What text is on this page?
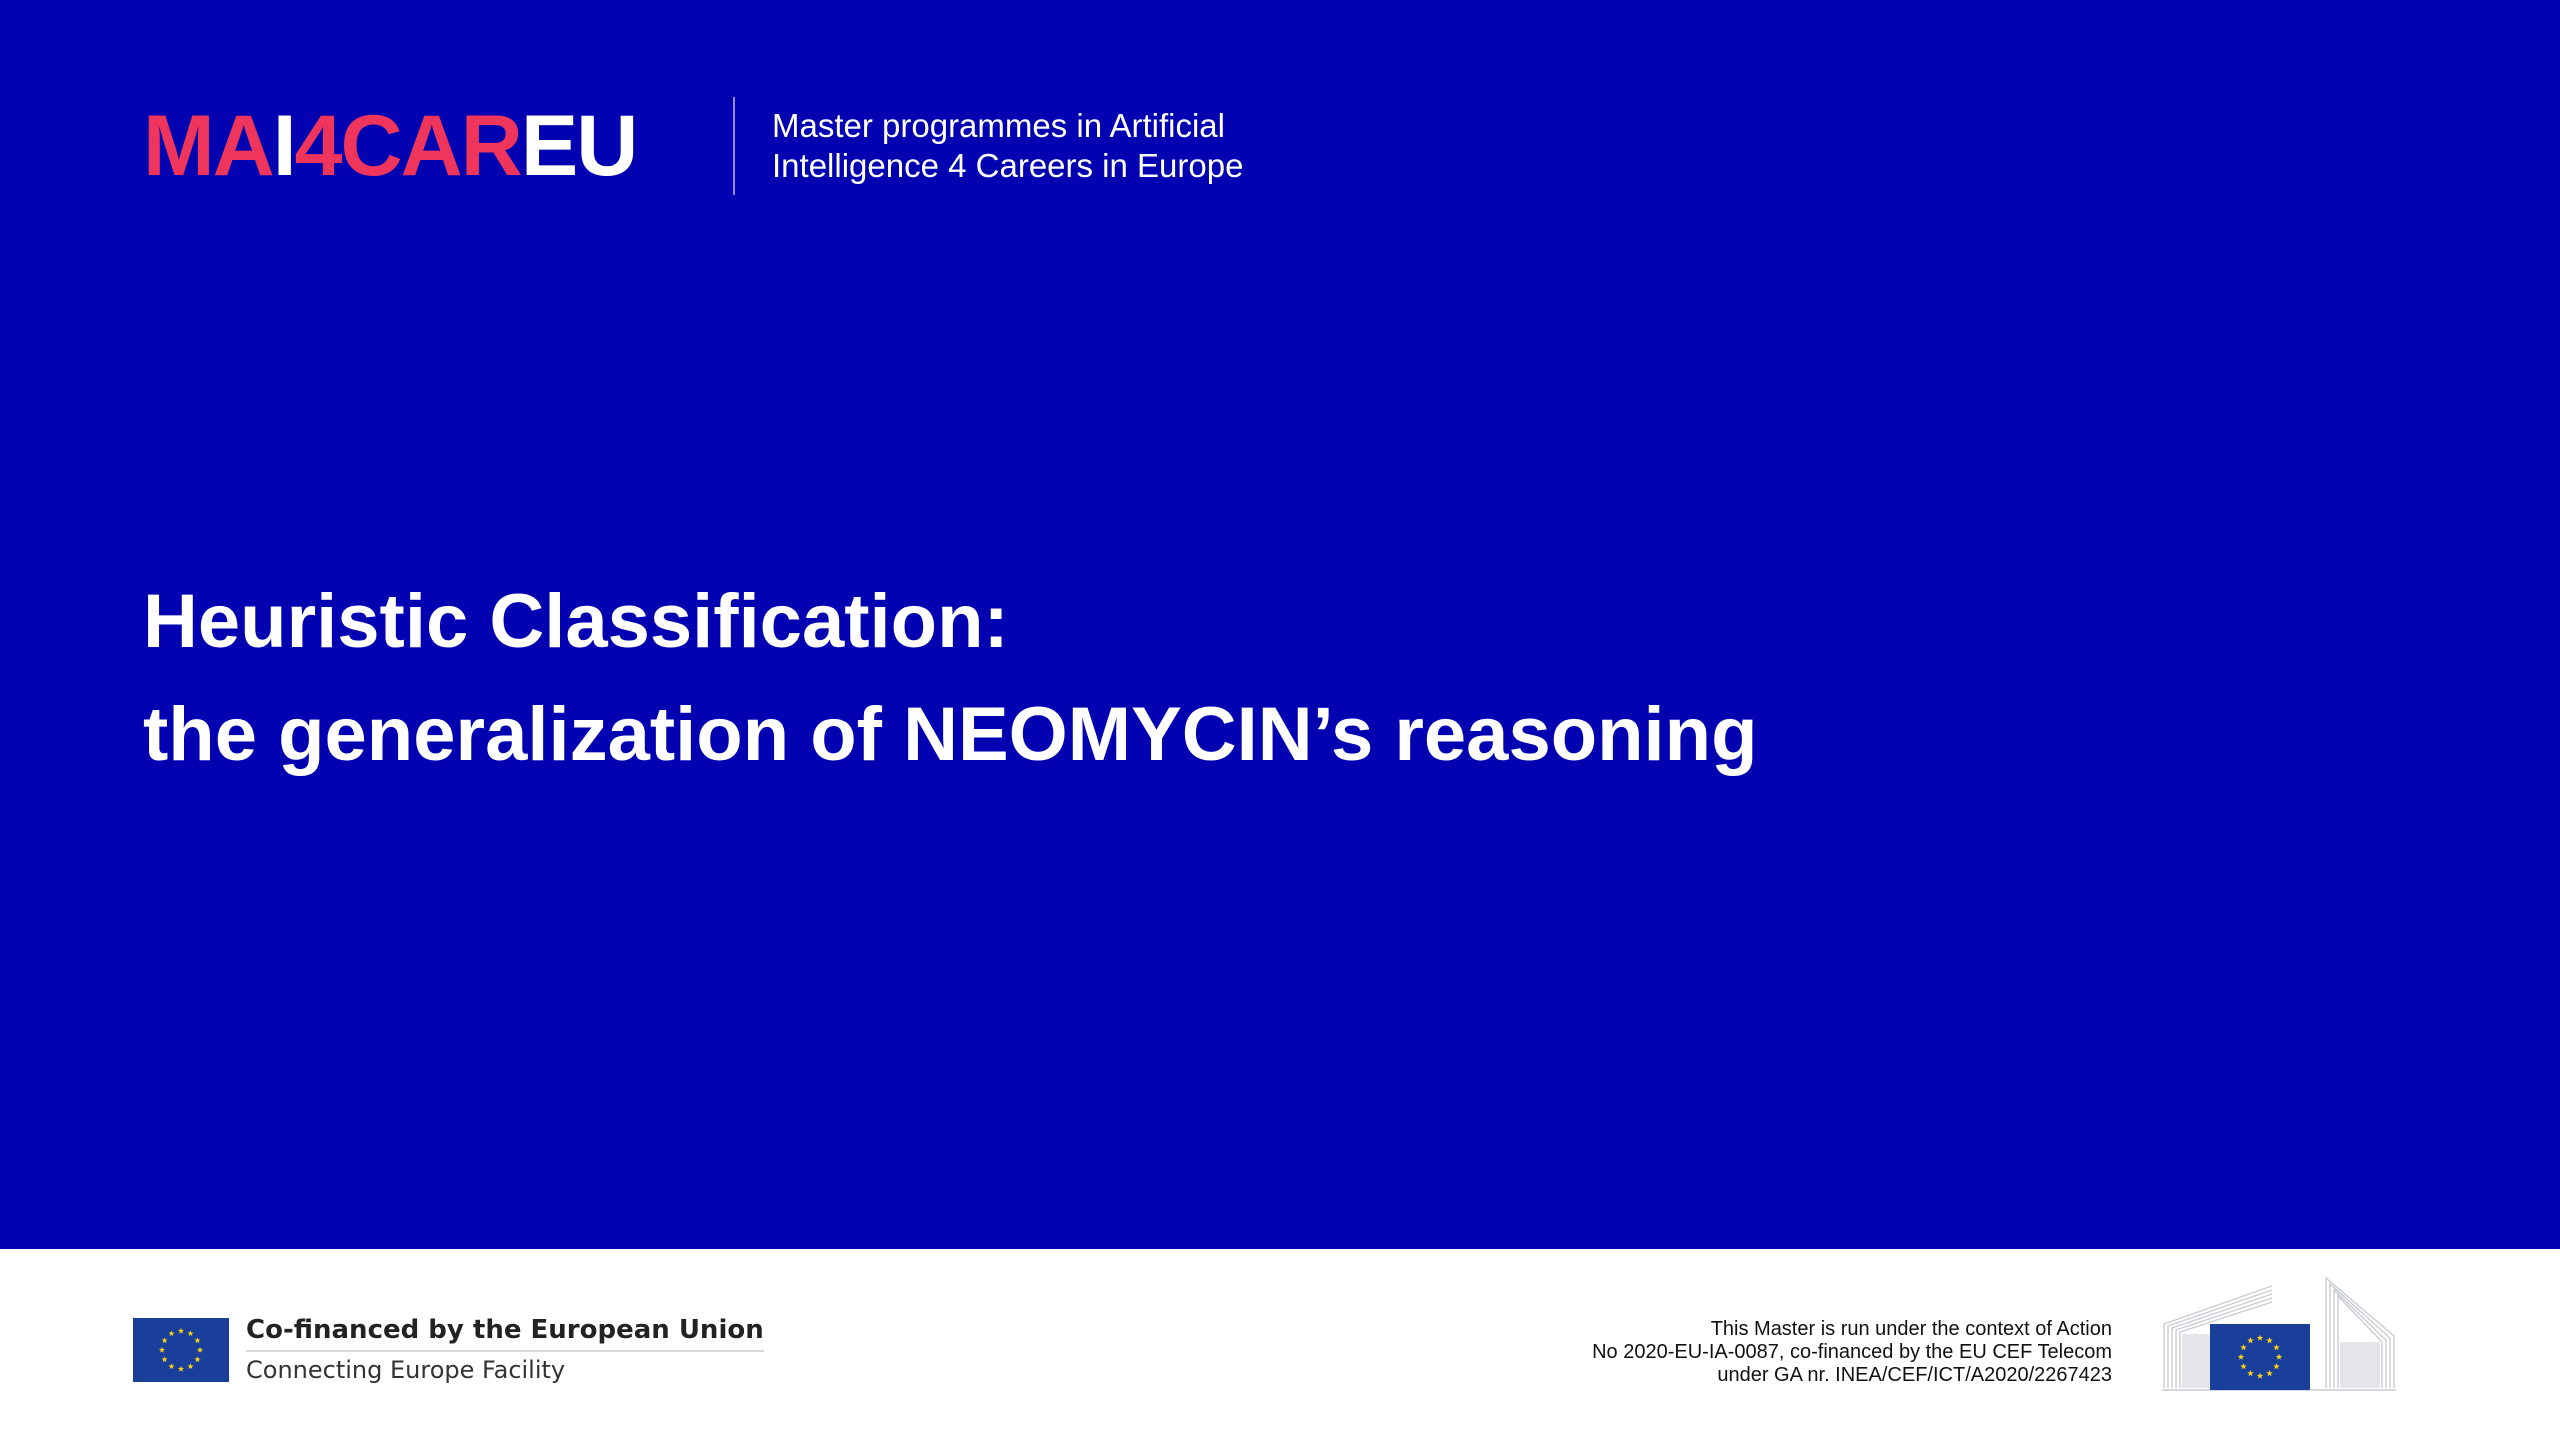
MAI4CAREU	Master programmes in Artificial
Intelligence 4 Careers in Europe
Heuristic Classification:
the generalization of NEOMYCIN’s reasoning
Co-financed by the European Union
Connecting Europe Facility
This Master is run under the context of Action
No 2020-EU-IA-0087, co-financed by the EU CEF Telecom
under GA nr. INEA/CEF/ICT/A2020/2267423
